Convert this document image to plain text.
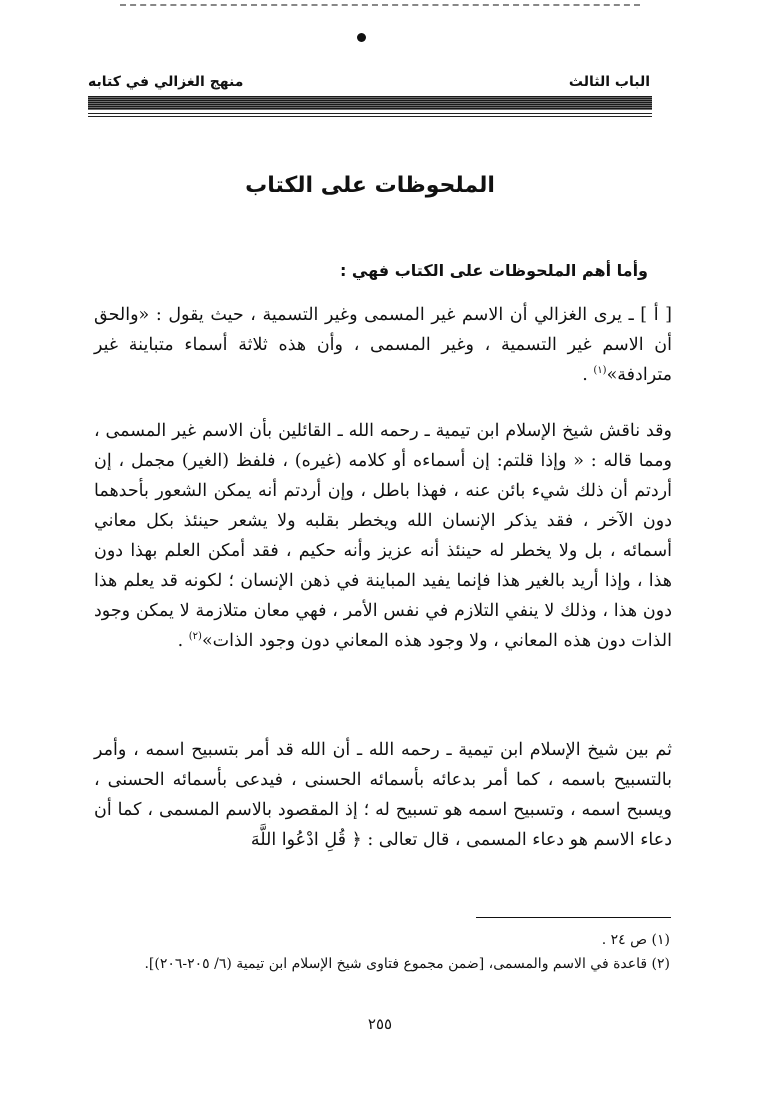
الباب الثالث
منهج الغزالي في كتابه
الملحوظات على الكتاب
وأما أهم الملحوظات على الكتاب فهي :

[ أ ] ـ يرى الغزالي أن الاسم غير المسمى وغير التسمية ، حيث يقول : «والحق أن الاسم غير التسمية ، وغير المسمى ، وأن هذه ثلاثة أسماء متباينة غير مترادفة»$^{(١)}$ .

وقد ناقش شيخ الإسلام ابن تيمية ـ رحمه الله ـ القائلين بأن الاسم غير المسمى ، ومما قاله : « وإذا قلتم: إن أسماءه أو كلامه (غيره) ، فلفظ (الغير) مجمل ، إن أردتم أن ذلك شيء بائن عنه ، فهذا باطل ، وإن أردتم أنه يمكن الشعور بأحدهما دون الآخر ، فقد يذكر الإنسان الله ويخطر بقلبه ولا يشعر حينئذ بكل معاني أسمائه ، بل ولا يخطر له حينئذ أنه عزيز وأنه حكيم ، فقد أمكن العلم بهذا دون هذا ، وإذا أريد بالغير هذا فإنما يفيد المباينة في ذهن الإنسان ؛ لكونه قد يعلم هذا دون هذا ، وذلك لا ينفي التلازم في نفس الأمر ، فهي معان متلازمة لا يمكن وجود الذات دون هذه المعاني ، ولا وجود هذه المعاني دون وجود الذات»$^{(٢)}$ .

ثم بين شيخ الإسلام ابن تيمية ـ رحمه الله ـ أن الله قد أمر بتسبيح اسمه ، وأمر بالتسبيح باسمه ، كما أمر بدعائه بأسمائه الحسنى ، فيدعى بأسمائه الحسنى ، ويسبح اسمه ، وتسبيح اسمه هو تسبيح له ؛ إذ المقصود بالاسم المسمى ، كما أن دعاء الاسم هو دعاء المسمى ، قال تعالى : ﴿ قُلِ ادْعُوا اللَّهَ

(١) ص ٢٤ .
(٢) قاعدة في الاسم والمسمى، [ضمن مجموع فتاوى شيخ الإسلام ابن تيمية (٦/ ٢٠٥-٢٠٦)].
٢٥٥
